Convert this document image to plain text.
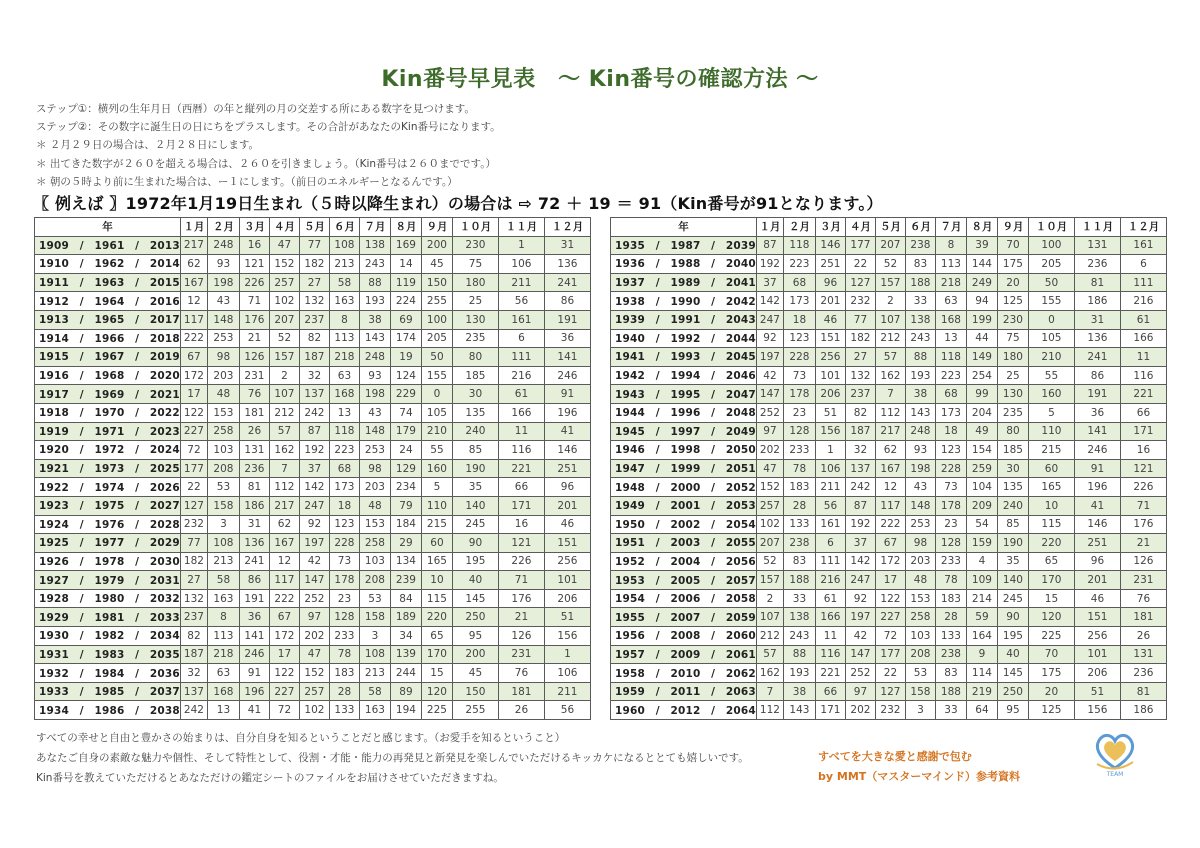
Kin番号早見表　～ Kin番号の確認方法 ～
ステップ①：横列の生年月日（西暦）の年と縦列の月の交差する所にある数字を見つけます。
ステップ②：その数字に誕生日の日にちをプラスします。その合計があなたのKin番号になります。
＊ ２月２９日の場合は、２月２８日にします。
＊ 出てきた数字が２６０を超える場合は、２６０を引きましょう。（Kin番号は２６０までです。）
＊ 朝の５時より前に生まれた場合は、ー１にします。（前日のエネルギーとなるんです。）
〖 例えば 〗1972年1月19日生まれ（５時以降生まれ）の場合は ⇨ 72 ＋ 19 ＝ 91（Kin番号が91となります。）
年	１月	２月	３月	４月	５月	６月	７月	８月	９月	１０月	１１月	１２月
1909　/　1961　/　2013	217	248	16	47	77	108	138	169	200	230	1	31
1910　/　1962　/　2014	62	93	121	152	182	213	243	14	45	75	106	136
1911　/　1963　/　2015	167	198	226	257	27	58	88	119	150	180	211	241
1912　/　1964　/　2016	12	43	71	102	132	163	193	224	255	25	56	86
1913　/　1965　/　2017	117	148	176	207	237	8	38	69	100	130	161	191
1914　/　1966　/　2018	222	253	21	52	82	113	143	174	205	235	6	36
1915　/　1967　/　2019	67	98	126	157	187	218	248	19	50	80	111	141
1916　/　1968　/　2020	172	203	231	2	32	63	93	124	155	185	216	246
1917　/　1969　/　2021	17	48	76	107	137	168	198	229	0	30	61	91
1918　/　1970　/　2022	122	153	181	212	242	13	43	74	105	135	166	196
1919　/　1971　/　2023	227	258	26	57	87	118	148	179	210	240	11	41
1920　/　1972　/　2024	72	103	131	162	192	223	253	24	55	85	116	146
1921　/　1973　/　2025	177	208	236	7	37	68	98	129	160	190	221	251
1922　/　1974　/　2026	22	53	81	112	142	173	203	234	5	35	66	96
1923　/　1975　/　2027	127	158	186	217	247	18	48	79	110	140	171	201
1924　/　1976　/　2028	232	3	31	62	92	123	153	184	215	245	16	46
1925　/　1977　/　2029	77	108	136	167	197	228	258	29	60	90	121	151
1926　/　1978　/　2030	182	213	241	12	42	73	103	134	165	195	226	256
1927　/　1979　/　2031	27	58	86	117	147	178	208	239	10	40	71	101
1928　/　1980　/　2032	132	163	191	222	252	23	53	84	115	145	176	206
1929　/　1981　/　2033	237	8	36	67	97	128	158	189	220	250	21	51
1930　/　1982　/　2034	82	113	141	172	202	233	3	34	65	95	126	156
1931　/　1983　/　2035	187	218	246	17	47	78	108	139	170	200	231	1
1932　/　1984　/　2036	32	63	91	122	152	183	213	244	15	45	76	106
1933　/　1985　/　2037	137	168	196	227	257	28	58	89	120	150	181	211
1934　/　1986　/　2038	242	13	41	72	102	133	163	194	225	255	26	56
年	１月	２月	３月	４月	５月	６月	７月	８月	９月	１０月	１１月	１２月
1935　/　1987　/　2039	87	118	146	177	207	238	8	39	70	100	131	161
1936　/　1988　/　2040	192	223	251	22	52	83	113	144	175	205	236	6
1937　/　1989　/　2041	37	68	96	127	157	188	218	249	20	50	81	111
1938　/　1990　/　2042	142	173	201	232	2	33	63	94	125	155	186	216
1939　/　1991　/　2043	247	18	46	77	107	138	168	199	230	0	31	61
1940　/　1992　/　2044	92	123	151	182	212	243	13	44	75	105	136	166
1941　/　1993　/　2045	197	228	256	27	57	88	118	149	180	210	241	11
1942　/　1994　/　2046	42	73	101	132	162	193	223	254	25	55	86	116
1943　/　1995　/　2047	147	178	206	237	7	38	68	99	130	160	191	221
1944　/　1996　/　2048	252	23	51	82	112	143	173	204	235	5	36	66
1945　/　1997　/　2049	97	128	156	187	217	248	18	49	80	110	141	171
1946　/　1998　/　2050	202	233	1	32	62	93	123	154	185	215	246	16
1947　/　1999　/　2051	47	78	106	137	167	198	228	259	30	60	91	121
1948　/　2000　/　2052	152	183	211	242	12	43	73	104	135	165	196	226
1949　/　2001　/　2053	257	28	56	87	117	148	178	209	240	10	41	71
1950　/　2002　/　2054	102	133	161	192	222	253	23	54	85	115	146	176
1951　/　2003　/　2055	207	238	6	37	67	98	128	159	190	220	251	21
1952　/　2004　/　2056	52	83	111	142	172	203	233	4	35	65	96	126
1953　/　2005　/　2057	157	188	216	247	17	48	78	109	140	170	201	231
1954　/　2006　/　2058	2	33	61	92	122	153	183	214	245	15	46	76
1955　/　2007　/　2059	107	138	166	197	227	258	28	59	90	120	151	181
1956　/　2008　/　2060	212	243	11	42	72	103	133	164	195	225	256	26
1957　/　2009　/　2061	57	88	116	147	177	208	238	9	40	70	101	131
1958　/　2010　/　2062	162	193	221	252	22	53	83	114	145	175	206	236
1959　/　2011　/　2063	7	38	66	97	127	158	188	219	250	20	51	81
1960　/　2012　/　2064	112	143	171	202	232	3	33	64	95	125	156	186
すべての幸せと自由と豊かさの始まりは、自分自身を知るということだと感じます。（お愛手を知るということ）
あなたご自身の素敵な魅力や個性、そして特性として、役割・才能・能力の再発見と新発見を楽しんでいただけるキッカケになるととても嬉しいです。
Kin番号を教えていただけるとあなただけの鑑定シートのファイルをお届けさせていただきますね。
すべてを大きな愛と感謝で包む
by MMT（マスターマインド）参考資料	TEAM
